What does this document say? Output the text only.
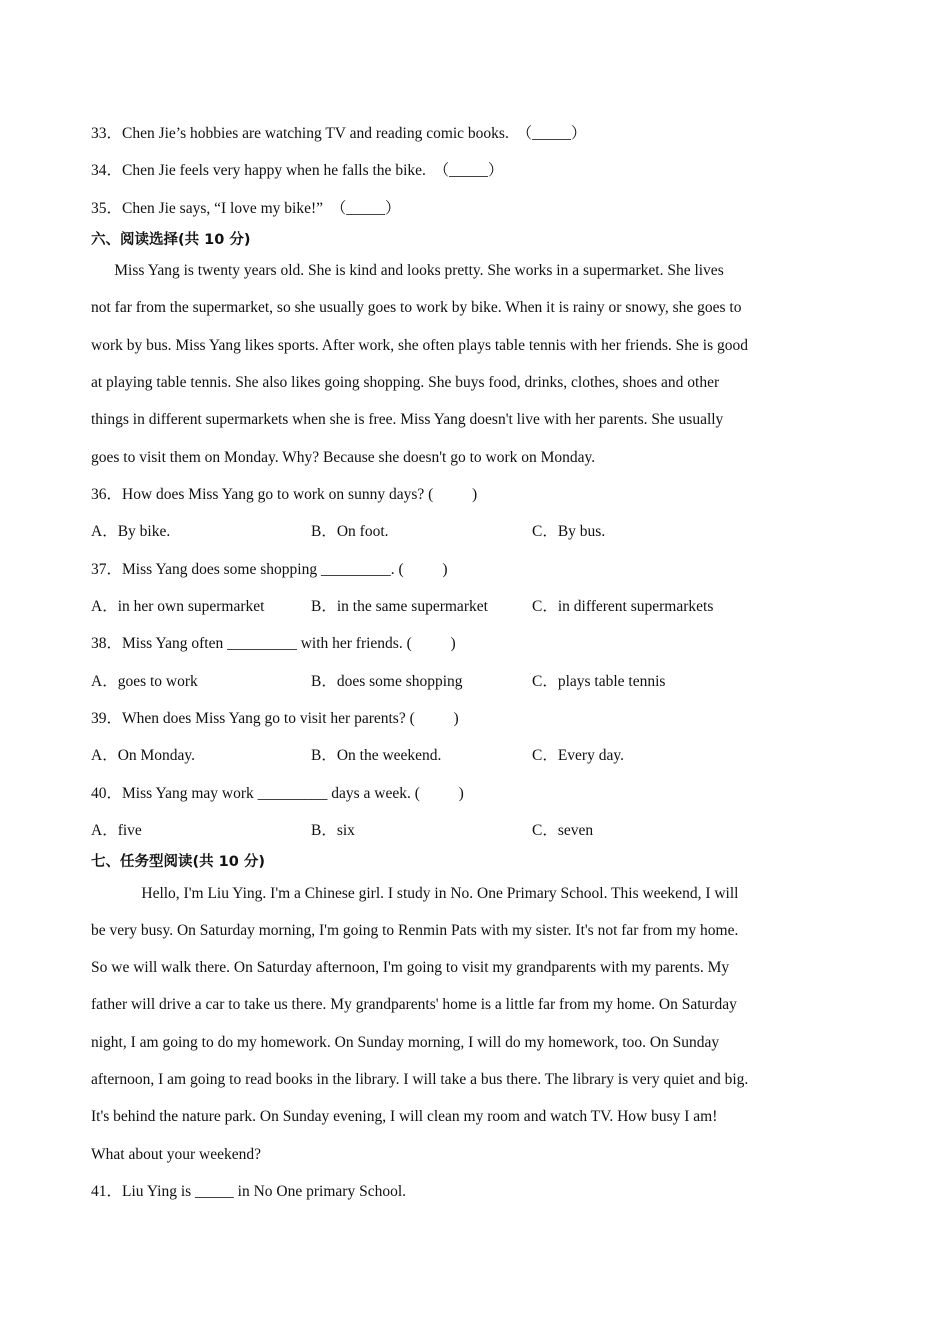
33．Chen Jie’s hobbies are watching TV and reading comic books.  （_____）
34．Chen Jie feels very happy when he falls the bike.  （_____）
35．Chen Jie says, “I love my bike!”  （_____）
六、阅读选择(共 10 分)
Miss Yang is twenty years old. She is kind and looks pretty. She works in a supermarket. She lives
not far from the supermarket, so she usually goes to work by bike. When it is rainy or snowy, she goes to
work by bus. Miss Yang likes sports. After work, she often plays table tennis with her friends. She is good
at playing table tennis. She also likes going shopping. She buys food, drinks, clothes, shoes and other
things in different supermarkets when she is free. Miss Yang doesn't live with her parents. She usually
goes to visit them on Monday. Why? Because she doesn't go to work on Monday.
36．How does Miss Yang go to work on sunny days? (          )
A．By bike.	B．On foot.	C．By bus.
37．Miss Yang does some shopping _________. (          )
A．in her own supermarket	B．in the same supermarket	C．in different supermarkets
38．Miss Yang often _________ with her friends. (          )
A．goes to work	B．does some shopping	C．plays table tennis
39．When does Miss Yang go to visit her parents? (          )
A．On Monday.	B．On the weekend.	C．Every day.
40．Miss Yang may work _________ days a week. (          )
A．five	B．six	C．seven
七、任务型阅读(共 10 分)
Hello, I'm Liu Ying. I'm a Chinese girl. I study in No. One Primary School. This weekend, I will
be very busy. On Saturday morning, I'm going to Renmin Pats with my sister. It's not far from my home.
So we will walk there. On Saturday afternoon, I'm going to visit my grandparents with my parents. My
father will drive a car to take us there. My grandparents' home is a little far from my home. On Saturday
night, I am going to do my homework. On Sunday morning, I will do my homework, too. On Sunday
afternoon, I am going to read books in the library. I will take a bus there. The library is very quiet and big.
It's behind the nature park. On Sunday evening, I will clean my room and watch TV. How busy I am!
What about your weekend?
41．Liu Ying is _____ in No One primary School.
